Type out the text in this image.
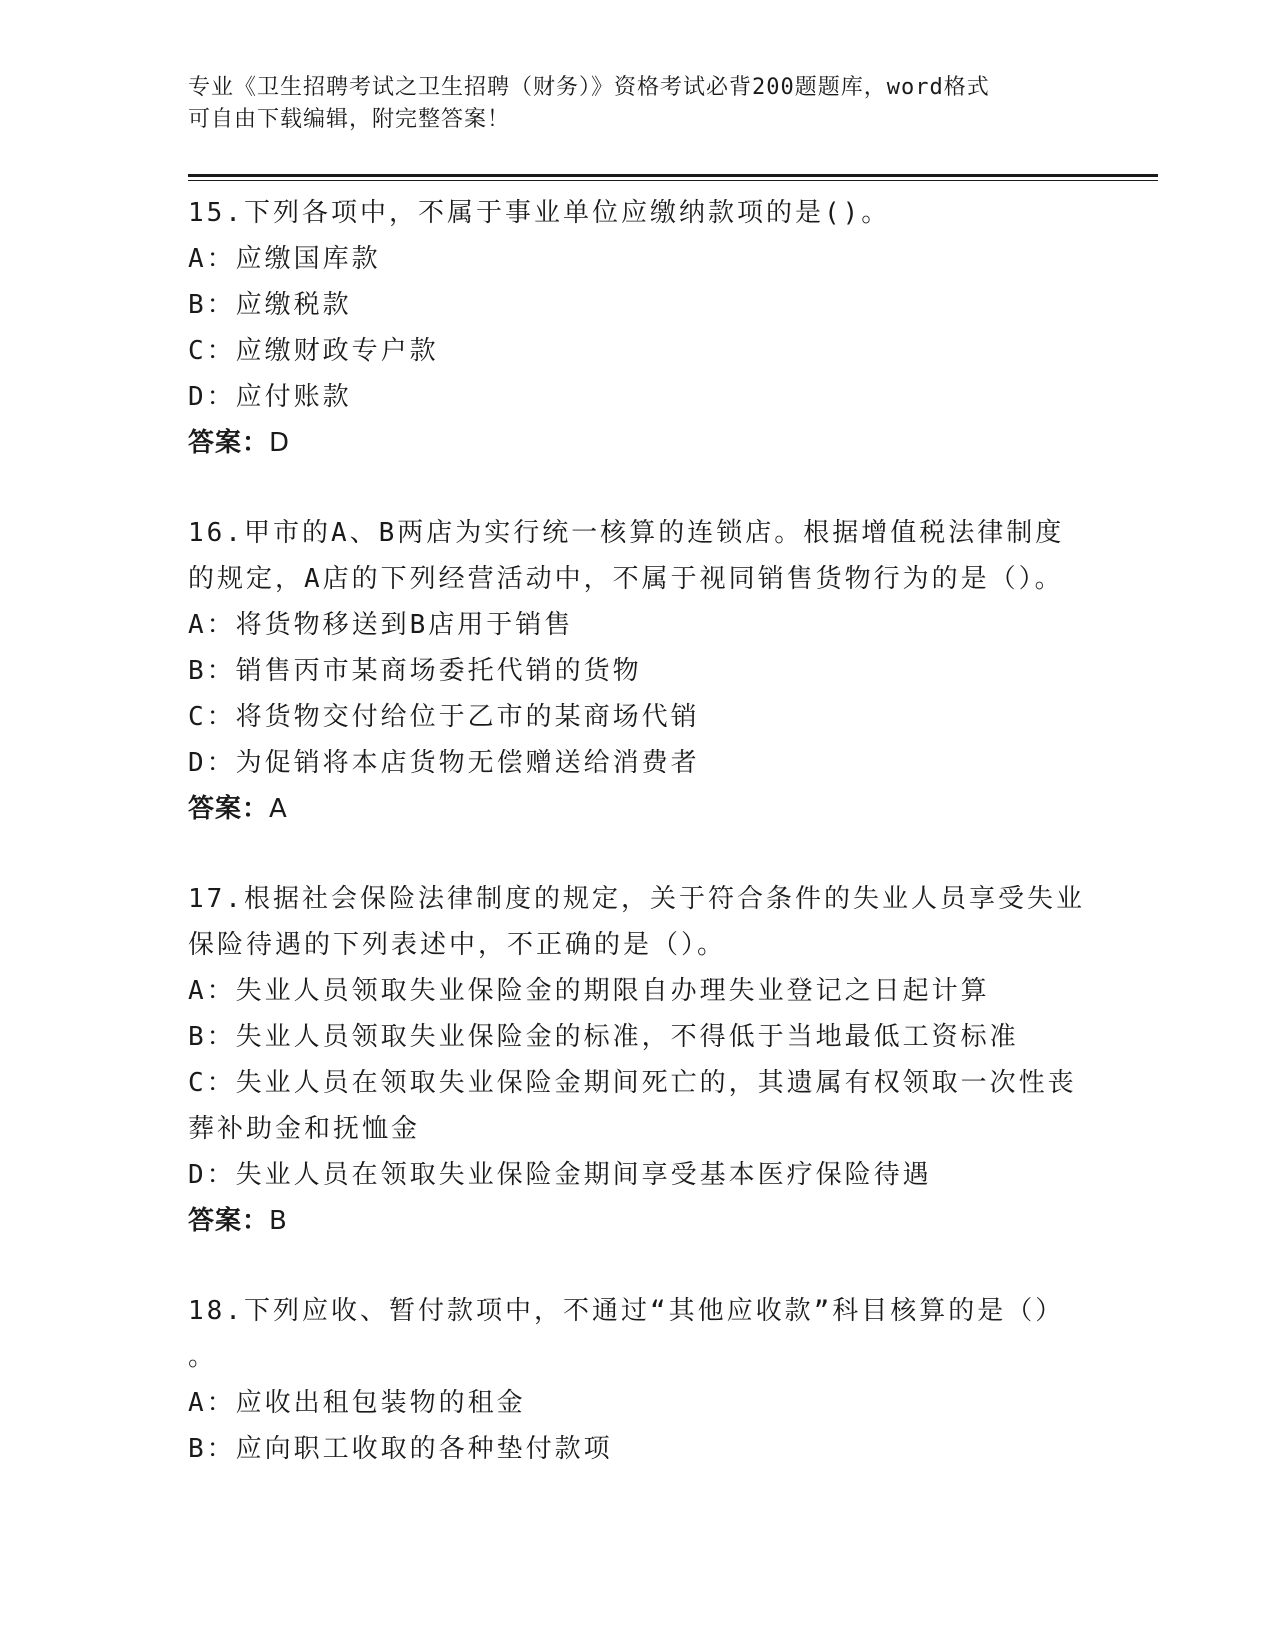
专业《卫生招聘考试之卫生招聘（财务）》资格考试必背200题题库，word格式
可自由下载编辑，附完整答案！
15.下列各项中，不属于事业单位应缴纳款项的是()。
A：应缴国库款
B：应缴税款
C：应缴财政专户款
D：应付账款
答案：D
16.甲市的A、B两店为实行统一核算的连锁店。根据增值税法律制度
的规定，A店的下列经营活动中，不属于视同销售货物行为的是（）。
A：将货物移送到B店用于销售
B：销售丙市某商场委托代销的货物
C：将货物交付给位于乙市的某商场代销
D：为促销将本店货物无偿赠送给消费者
答案：A
17.根据社会保险法律制度的规定，关于符合条件的失业人员享受失业
保险待遇的下列表述中，不正确的是（）。
A：失业人员领取失业保险金的期限自办理失业登记之日起计算
B：失业人员领取失业保险金的标准，不得低于当地最低工资标准
C：失业人员在领取失业保险金期间死亡的，其遗属有权领取一次性丧
葬补助金和抚恤金
D：失业人员在领取失业保险金期间享受基本医疗保险待遇
答案：B
18.下列应收、暂付款项中，不通过“其他应收款”科目核算的是（）
。
A：应收出租包装物的租金
B：应向职工收取的各种垫付款项
